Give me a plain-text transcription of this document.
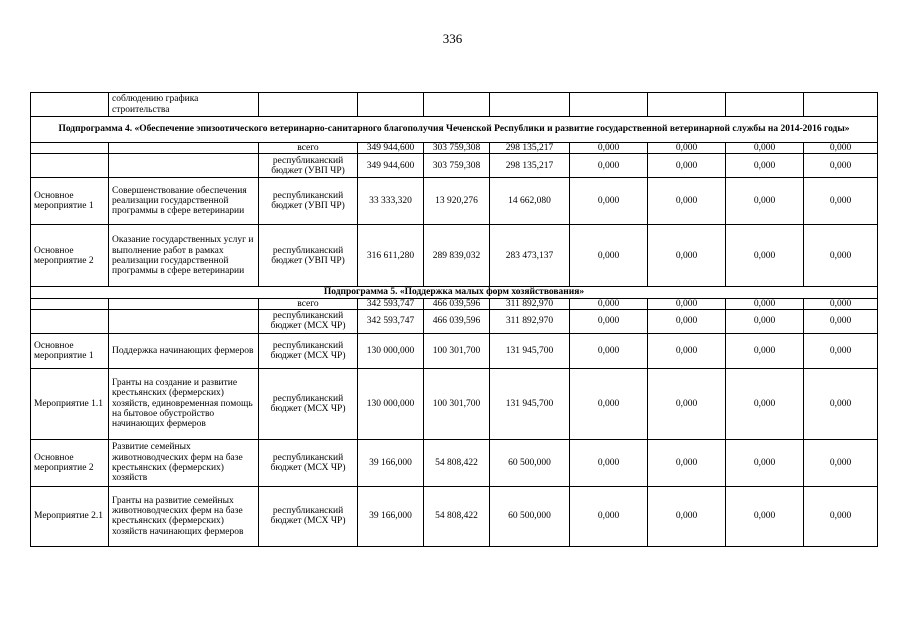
336
	соблюдению графика строительства								
Подпрограмма 4. «Обеспечение эпизоотического ветеринарно-санитарного благополучия Чеченской Республики и развитие государственной ветеринарной службы на 2014-2016 годы»									
		всего	349 944,600	303 759,308	298 135,217	0,000	0,000	0,000	0,000
		республиканский бюджет (УВП ЧР)	349 944,600	303 759,308	298 135,217	0,000	0,000	0,000	0,000
Основное мероприятие 1	Совершенствование обеспечения реализации государственной программы в сфере ветеринарии	республиканский бюджет (УВП ЧР)	33 333,320	13 920,276	14 662,080	0,000	0,000	0,000	0,000
Основное мероприятие 2	Оказание государственных услуг и выполнение работ в рамках реализации государственной программы в сфере ветеринарии	республиканский бюджет (УВП ЧР)	316 611,280	289 839,032	283 473,137	0,000	0,000	0,000	0,000
Подпрограмма 5. «Поддержка малых форм хозяйствования»									
		всего	342 593,747	466 039,596	311 892,970	0,000	0,000	0,000	0,000
		республиканский бюджет (МСХ ЧР)	342 593,747	466 039,596	311 892,970	0,000	0,000	0,000	0,000
Основное мероприятие 1	Поддержка начинающих фермеров	республиканский бюджет (МСХ ЧР)	130 000,000	100 301,700	131 945,700	0,000	0,000	0,000	0,000
Мероприятие 1.1	Гранты на создание и развитие крестьянских (фермерских) хозяйств, единовременная помощь на бытовое обустройство начинающих фермеров	республиканский бюджет (МСХ ЧР)	130 000,000	100 301,700	131 945,700	0,000	0,000	0,000	0,000
Основное мероприятие 2	Развитие семейных животноводческих ферм на базе крестьянских (фермерских) хозяйств	республиканский бюджет (МСХ ЧР)	39 166,000	54 808,422	60 500,000	0,000	0,000	0,000	0,000
Мероприятие 2.1	Гранты на развитие семейных животноводческих ферм на базе крестьянских (фермерских) хозяйств начинающих фермеров	республиканский бюджет (МСХ ЧР)	39 166,000	54 808,422	60 500,000	0,000	0,000	0,000	0,000
